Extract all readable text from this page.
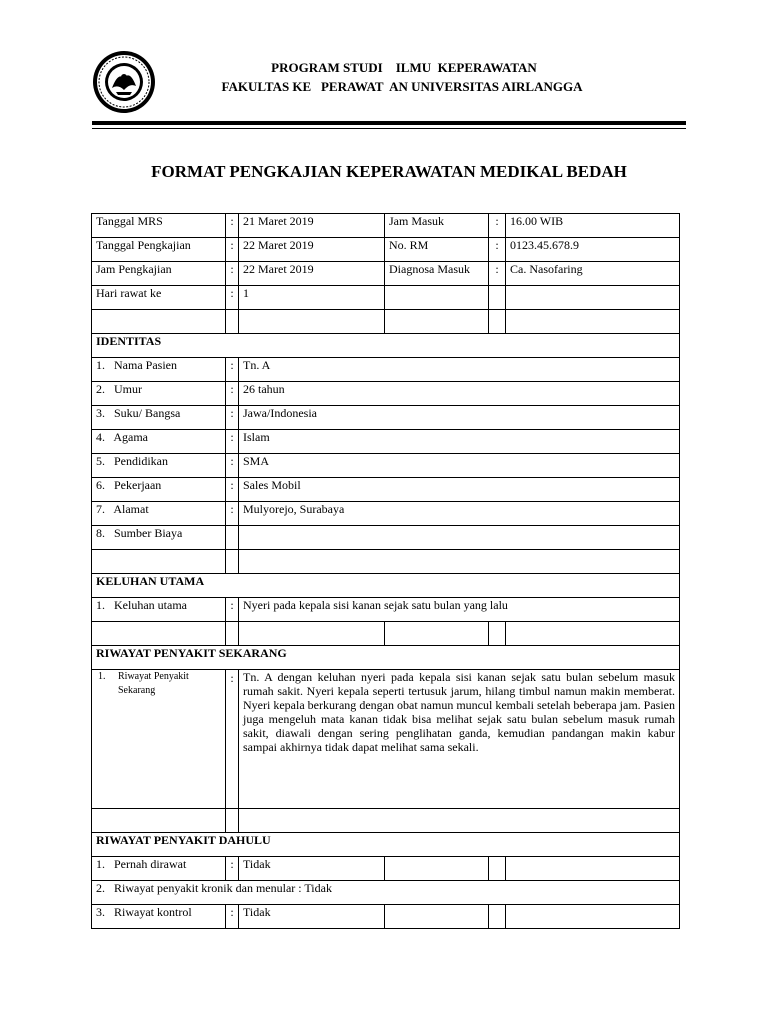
PROGRAM STUDI    ILMU  KEPERAWATAN
FAKULTAS KE   PERAWAT  AN UNIVERSITAS AIRLANGGA
FORMAT PENGKAJIAN KEPERAWATAN MEDIKAL BEDAH
Tanggal MRS	:	21 Maret 2019	Jam Masuk	:	16.00 WIB
Tanggal Pengkajian	:	22 Maret 2019	No. RM	:	0123.45.678.9
Jam Pengkajian	:	22 Maret 2019	Diagnosa Masuk	:	Ca. Nasofaring
Hari rawat ke	:	1			

IDENTITAS					
1.   Nama Pasien	:	Tn. A			
2.   Umur	:	26 tahun			
3.   Suku/ Bangsa	:	Jawa/Indonesia			
4.   Agama	:	Islam			
5.   Pendidikan	:	SMA			
6.   Pekerjaan	:	Sales Mobil			
7.   Alamat	:	Mulyorejo, Surabaya			
8.   Sumber Biaya					

KELUHAN UTAMA					
1.   Keluhan utama	:	Nyeri pada kepala sisi kanan sejak satu bulan yang lalu			

RIWAYAT PENYAKIT SEKARANG					

1.     Riwayat Penyakit
Sekarang	:	Tn. A dengan keluhan nyeri pada kepala sisi kanan sejak satu bulan sebelum masuk rumah sakit. Nyeri kepala seperti tertusuk jarum, hilang timbul namun makin memberat. Nyeri kepala berkurang dengan obat namun muncul kembali setelah beberapa jam. Pasien juga mengeluh mata kanan tidak bisa melihat sejak satu bulan sebelum masuk rumah sakit, diawali dengan sering penglihatan ganda, kemudian pandangan makin kabur sampai akhirnya tidak dapat melihat sama sekali.			

RIWAYAT PENYAKIT DAHULU					
1.   Pernah dirawat	:	Tidak			
2.   Riwayat penyakit kronik dan menular : Tidak					
3.   Riwayat kontrol	:	Tidak			
